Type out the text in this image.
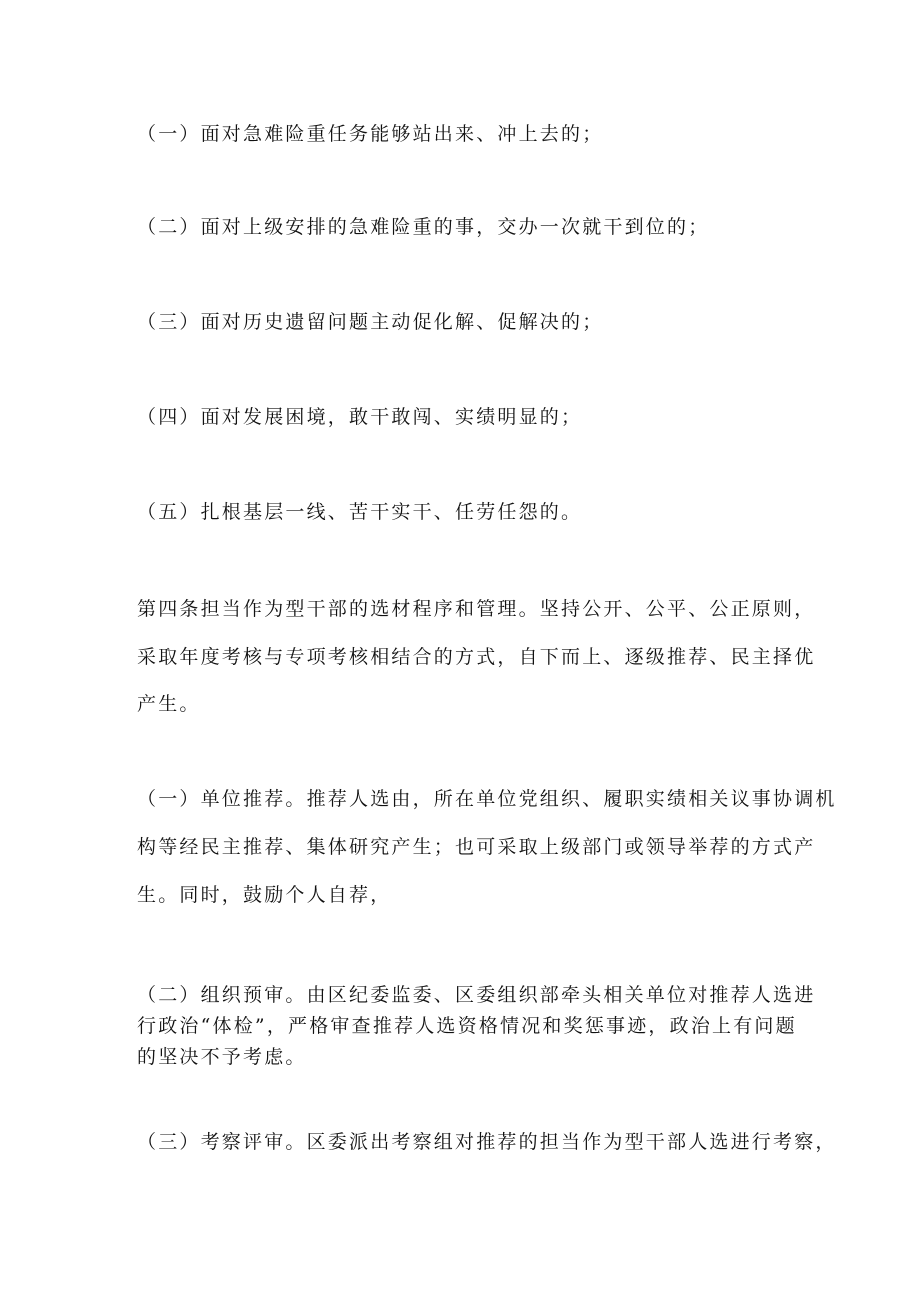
（一）面对急难险重任务能够站出来、冲上去的；
（二）面对上级安排的急难险重的事，交办一次就干到位的；
（三）面对历史遗留问题主动促化解、促解决的；
（四）面对发展困境，敢干敢闯、实绩明显的；
（五）扎根基层一线、苦干实干、任劳任怨的。
第四条担当作为型干部的选材程序和管理。坚持公开、公平、公正原则，
采取年度考核与专项考核相结合的方式，自下而上、逐级推荐、民主择优
产生。
（一）单位推荐。推荐人选由，所在单位党组织、履职实绩相关议事协调机
构等经民主推荐、集体研究产生；也可采取上级部门或领导举荐的方式产
生。同时，鼓励个人自荐，
（二）组织预审。由区纪委监委、区委组织部牵头相关单位对推荐人选进
行政治“体检”，严格审查推荐人选资格情况和奖惩事迹，政治上有问题
的坚决不予考虑。
（三）考察评审。区委派出考察组对推荐的担当作为型干部人选进行考察，
